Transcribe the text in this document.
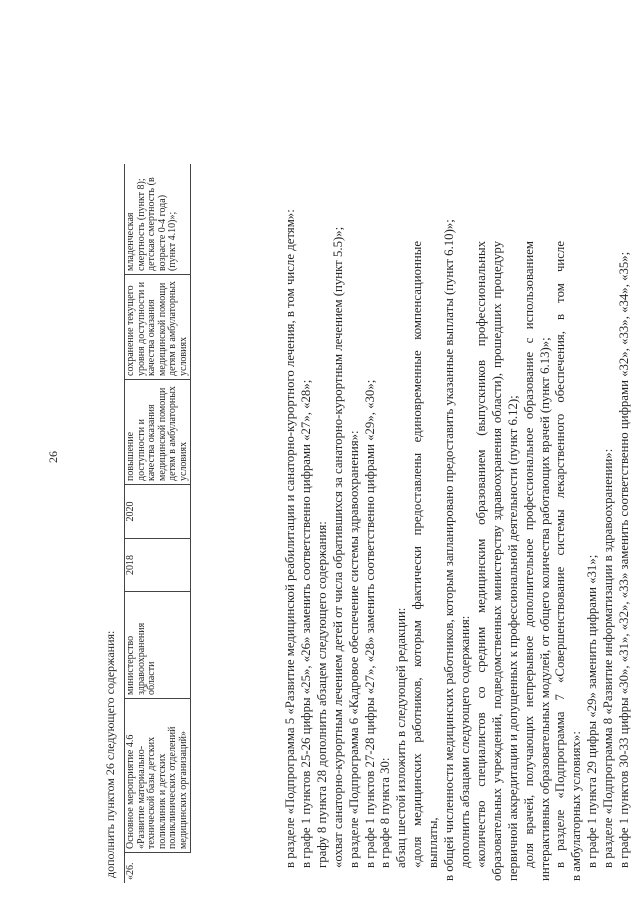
26
дополнить пунктом 26 следующего содержания: «26.	Основное мероприятие 4.6 «Развитие материально-технической базы детских поликлиник и детских поликлинических отделений медицинских организаций»	министерство здравоохранения области	2018	2020	повышение доступности и качества оказания медицинской помощи детям в амбулаторных условиях	сохранение текущего уровня доступности и качества оказания медицинской помощи детям в амбулаторных условиях	младенческая смертность (пункт 8); детская смертность (в возрасте 0-4 года) (пункт 4.10)»;	в разделе «Подпрограмма 5 «Развитие медицинской реабилитации и санаторно-курортного лечения, в том числе детям»: в графе 1 пунктов 25-26 цифры «25», «26» заменить соответственно цифрами «27», «28»; графу 8 пункта 28 дополнить абзацем следующего содержания: «охват санаторно-курортным лечением детей от числа обратившихся за санаторно-курортным лечением (пункт 5.5)»; в разделе «Подпрограмма 6 «Кадровое обеспечение системы здравоохранения»: в графе 1 пунктов 27-28 цифры «27», «28» заменить соответственно цифрами «29», «30»; в графе 8 пункта 30: абзац шестой изложить в следующей редакции: «доля медицинских работников, которым фактически предоставлены единовременные компенсационные выплаты, в общей численности медицинских работников, которым запланировано предоставить указанные выплаты (пункт 6.10)»; дополнить абзацами следующего содержания: «количество специалистов со средним медицинским образованием (выпускников профессиональных образовательных учреждений, подведомственных министерству здравоохранения области), прошедших процедуру первичной аккредитации и допущенных к профессиональной деятельности (пункт 6.12); доля врачей, получающих непрерывное дополнительное профессиональное образование с использованием интерактивных образовательных модулей, от общего количества работающих врачей (пункт 6.13)»; в разделе «Подпрограмма 7 «Совершенствование системы лекарственного обеспечения, в том числе в амбулаторных условиях»: в графе 1 пункта 29 цифры «29» заменить цифрами «31»; в разделе «Подпрограмма 8 «Развитие информатизации в здравоохранении»: в графе 1 пунктов 30-33 цифры «30», «31», «32», «33» заменить соответственно цифрами «32», «33», «34», «35»;
